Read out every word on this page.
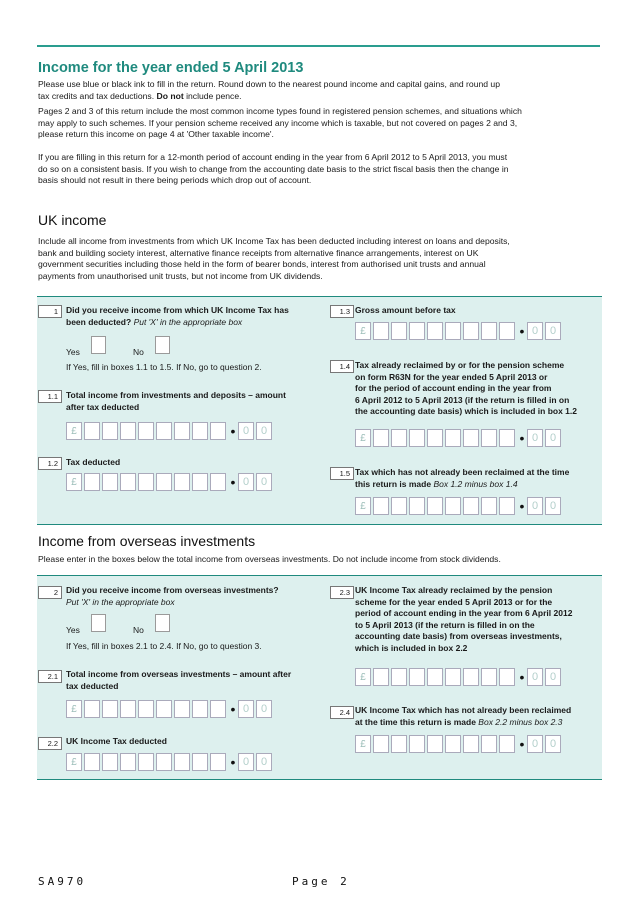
Income for the year ended 5 April 2013
Please use blue or black ink to fill in the return. Round down to the nearest pound income and capital gains, and round up
tax credits and tax deductions. Do not include pence.
Pages 2 and 3 of this return include the most common income types found in registered pension schemes, and situations which
may apply to such schemes. If your pension scheme received any income which is taxable, but not covered on pages 2 and 3,
please return this income on page 4 at 'Other taxable income'.
If you are filling in this return for a 12-month period of account ending in the year from 6 April 2012 to 5 April 2013, you must
do so on a consistent basis. If you wish to change from the accounting date basis to the strict fiscal basis then the change in
basis should not result in there being periods which drop out of account.
UK income
Include all income from investments from which UK Income Tax has been deducted including interest on loans and deposits,
bank and building society interest, alternative finance receipts from alternative finance arrangements, interest on UK
government securities including those held in the form of bearer bonds, interest from authorised unit trusts and annual
payments from unauthorised unit trusts, but not income from UK dividends.
1 Did you receive income from which UK Income Tax has
been deducted? Put 'X' in the appropriate box
Yes	No
If Yes, fill in boxes 1.1 to 1.5. If No, go to question 2.
1.1 Total income from investments and deposits – amount
after tax deducted
£	• 0	0
1.2 Tax deducted
£	• 0	0
1.3 Gross amount before tax
£	• 0	0
1.4 Tax already reclaimed by or for the pension scheme
on form R63N for the year ended 5 April 2013 or
for the period of account ending in the year from
6 April 2012 to 5 April 2013 (if the return is filled in on
the accounting date basis) which is included in box 1.2
£	• 0	0
1.5 Tax which has not already been reclaimed at the time
this return is made Box 1.2 minus box 1.4
£	• 0	0
Income from overseas investments
Please enter in the boxes below the total income from overseas investments. Do not include income from stock dividends.
2 Did you receive income from overseas investments?
Put 'X' in the appropriate box
Yes	No
If Yes, fill in boxes 2.1 to 2.4. If No, go to question 3.
2.1 Total income from overseas investments – amount after
tax deducted
£	• 0	0
2.2 UK Income Tax deducted
£	• 0	0
2.3 UK Income Tax already reclaimed by the pension
scheme for the year ended 5 April 2013 or for the
period of account ending in the year from 6 April 2012
to 5 April 2013 (if the return is filled in on the
accounting date basis) from overseas investments,
which is included in box 2.2
£	• 0	0
2.4 UK Income Tax which has not already been reclaimed
at the time this return is made Box 2.2 minus box 2.3
£	• 0	0
SA970	Page 2
